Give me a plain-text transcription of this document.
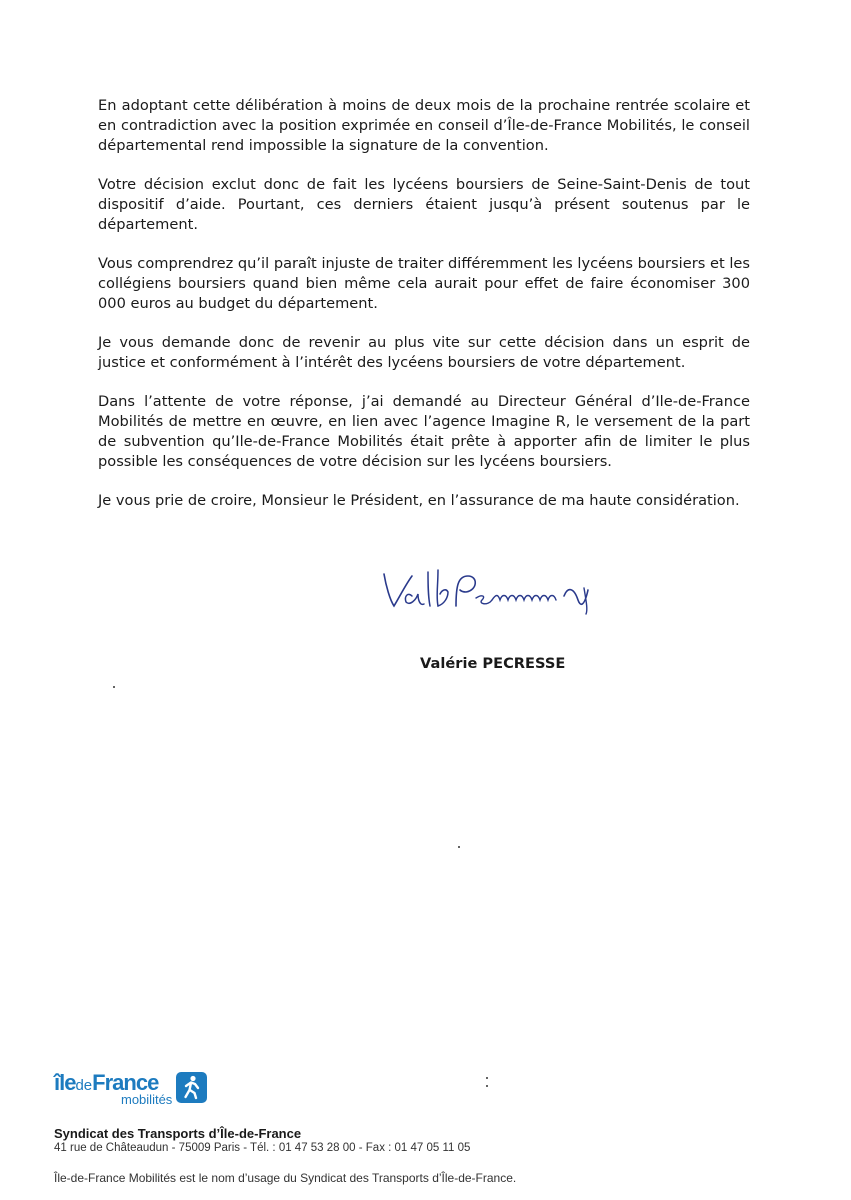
En adoptant cette délibération à moins de deux mois de la prochaine rentrée scolaire et en contradiction avec la position exprimée en conseil d’Île-de-France Mobilités, le conseil départemental rend impossible la signature de la convention.

Votre décision exclut donc de fait les lycéens boursiers de Seine-Saint-Denis de tout dispositif d’aide. Pourtant, ces derniers étaient jusqu’à présent soutenus par le département.

Vous comprendrez qu’il paraît injuste de traiter différemment les lycéens boursiers et les collégiens boursiers quand bien même cela aurait pour effet de faire économiser 300 000 euros au budget du département.

Je vous demande donc de revenir au plus vite sur cette décision dans un esprit de justice et conformément à l’intérêt des lycéens boursiers de votre département.

Dans l’attente de votre réponse, j’ai demandé au Directeur Général d’Ile-de-France Mobilités de mettre en œuvre, en lien avec l’agence Imagine R, le versement de la part de subvention qu’Ile-de-France Mobilités était prête à apporter afin de limiter le plus possible les conséquences de votre décision sur les lycéens boursiers.

Je vous prie de croire, Monsieur le Président, en l’assurance de ma haute considération.

Valérie PECRESSE
îledeFrance
mobilités
Syndicat des Transports d’Île-de-France
41 rue de Châteaudun - 75009 Paris - Tél. : 01 47 53 28 00 - Fax : 01 47 05 11 05
Île-de-France Mobilités est le nom d’usage du Syndicat des Transports d’Île-de-France.
